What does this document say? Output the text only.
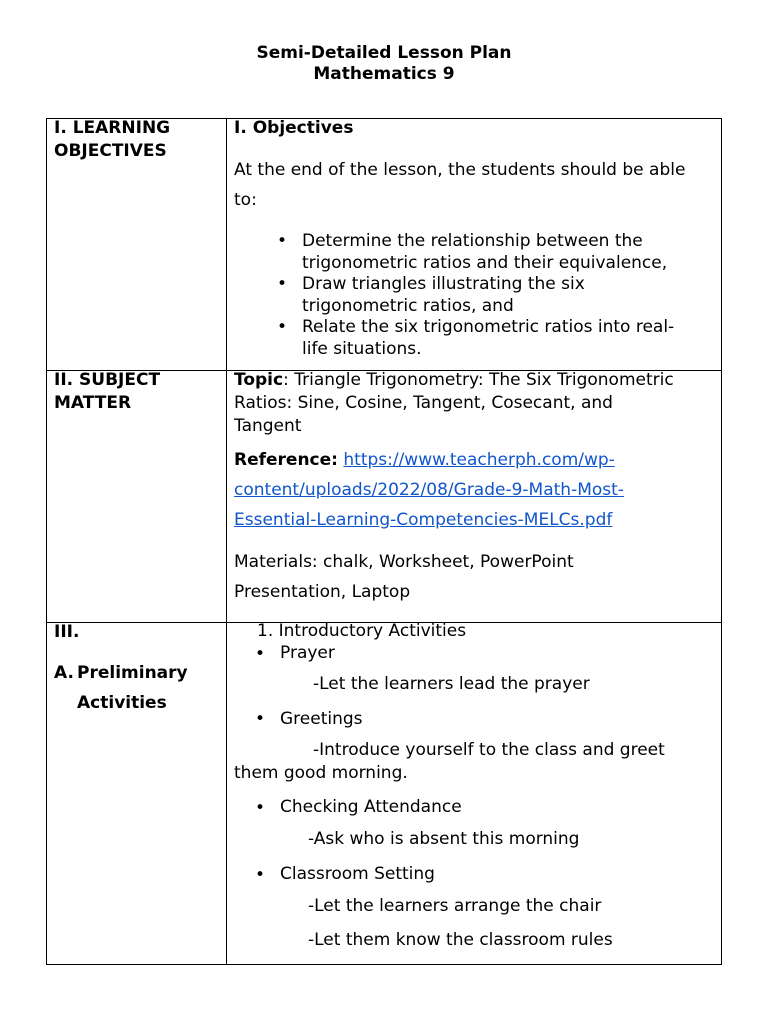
Semi-Detailed Lesson Plan
Mathematics 9
I. LEARNING
OBJECTIVES
I. Objectives
At the end of the lesson, the students should be able
to:
• Determine the relationship between the
trigonometric ratios and their equivalence,
• Draw triangles illustrating the six
trigonometric ratios, and
• Relate the six trigonometric ratios into real-
life situations.
II. SUBJECT
MATTER
Topic: Triangle Trigonometry: The Six Trigonometric
Ratios: Sine, Cosine, Tangent, Cosecant, and
Tangent
Reference: https://www.teacherph.com/wp-
content/uploads/2022/08/Grade-9-Math-Most-
Essential-Learning-Competencies-MELCs.pdf
Materials: chalk, Worksheet, PowerPoint
Presentation, Laptop
III.
A. Preliminary
Activities
1. Introductory Activities
• Prayer
-Let the learners lead the prayer
• Greetings
-Introduce yourself to the class and greet
them good morning.
• Checking Attendance
-Ask who is absent this morning
• Classroom Setting
-Let the learners arrange the chair
-Let them know the classroom rules
